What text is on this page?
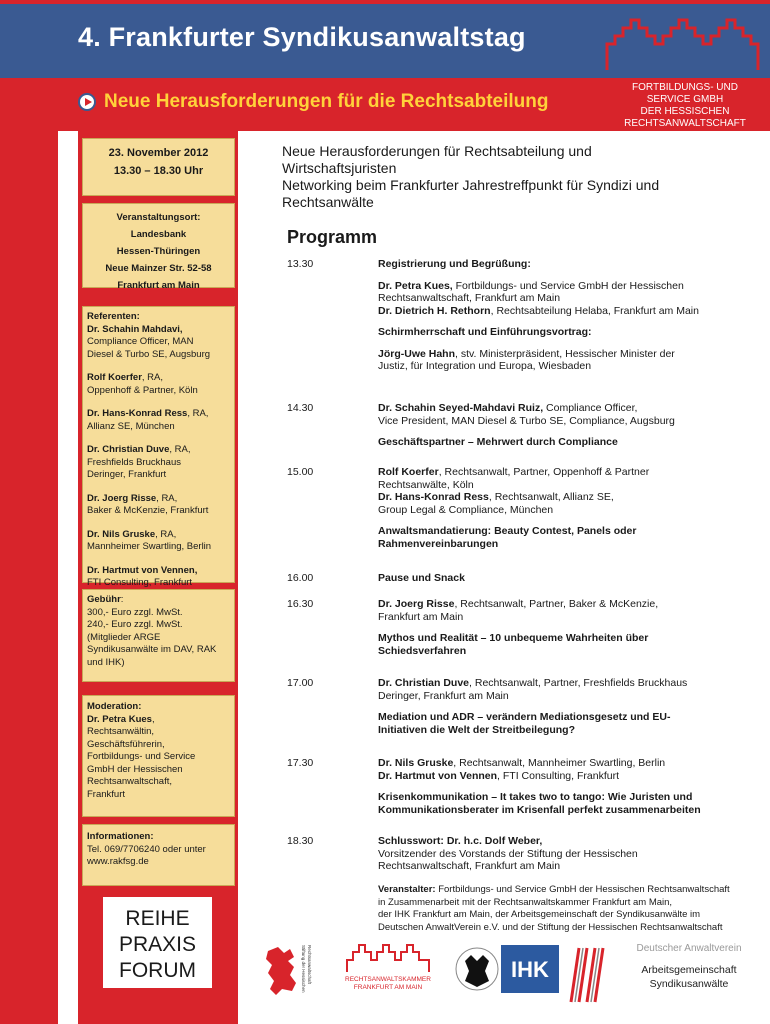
4. Frankfurter Syndikusanwaltstag
Neue Herausforderungen für die Rechtsabteilung
FORTBILDUNGS- UND
SERVICE GMBH
DER HESSISCHEN
RECHTSANWALTSCHAFT
23. November 2012
13.30 – 18.30 Uhr
Veranstaltungsort:
Landesbank
Hessen-Thüringen
Neue Mainzer Str. 52-58
Frankfurt am Main
Referenten:
Dr. Schahin Mahdavi,
Compliance Officer, MAN
Diesel & Turbo SE, Augsburg
Rolf Koerfer, RA,
Oppenhoff & Partner, Köln
Dr. Hans-Konrad Ress, RA,
Allianz SE, München
Dr. Christian Duve, RA,
Freshfields Bruckhaus
Deringer, Frankfurt
Dr. Joerg Risse, RA,
Baker & McKenzie, Frankfurt
Dr. Nils Gruske, RA,
Mannheimer Swartling, Berlin
Dr. Hartmut von Vennen,
FTI Consulting, Frankfurt
Gebühr:
300,- Euro zzgl. MwSt.
240,- Euro zzgl. MwSt.
(Mitglieder ARGE
Syndikusanwälte im DAV, RAK
und IHK)
Moderation:
Dr. Petra Kues,
Rechtsanwältin,
Geschäftsführerin,
Fortbildungs- und Service
GmbH der Hessischen
Rechtsanwaltschaft,
Frankfurt
Informationen:
Tel. 069/7706240 oder unter
www.rakfsg.de
REIHE
PRAXIS
FORUM
Neue Herausforderungen für Rechtsabteilung und
Wirtschaftsjuristen
Networking beim Frankfurter Jahrestreffpunkt für Syndizi und
Rechtsanwälte
Programm
13.30	Registrierung und Begrüßung:
Dr. Petra Kues, Fortbildungs- und Service GmbH der Hessischen
Rechtsanwaltschaft, Frankfurt am Main
Dr. Dietrich H. Rethorn, Rechtsabteilung Helaba, Frankfurt am Main
Schirmherrschaft und Einführungsvortrag:
Jörg-Uwe Hahn, stv. Ministerpräsident, Hessischer Minister der
Justiz, für Integration und Europa, Wiesbaden
14.30	Dr. Schahin Seyed-Mahdavi Ruiz, Compliance Officer,
Vice President, MAN Diesel & Turbo SE, Compliance, Augsburg
Geschäftspartner – Mehrwert durch Compliance
15.00	Rolf Koerfer, Rechtsanwalt, Partner, Oppenhoff & Partner
Rechtsanwälte, Köln
Dr. Hans-Konrad Ress, Rechtsanwalt, Allianz SE,
Group Legal & Compliance, München
Anwaltsmandatierung: Beauty Contest, Panels oder
Rahmenvereinbarungen
16.00	Pause und Snack
16.30	Dr. Joerg Risse, Rechtsanwalt, Partner, Baker & McKenzie,
Frankfurt am Main
Mythos und Realität – 10 unbequeme Wahrheiten über
Schiedsverfahren
17.00	Dr. Christian Duve, Rechtsanwalt, Partner, Freshfields Bruckhaus
Deringer, Frankfurt am Main
Mediation und ADR – verändern Mediationsgesetz und EU-
Initiativen die Welt der Streitbeilegung?
17.30	Dr. Nils Gruske, Rechtsanwalt, Mannheimer Swartling, Berlin
Dr. Hartmut von Vennen, FTI Consulting, Frankfurt
Krisenkommunikation – It takes two to tango: Wie Juristen und
Kommunikationsberater im Krisenfall perfekt zusammenarbeiten
18.30	Schlusswort: Dr. h.c. Dolf Weber,
Vorsitzender des Vorstands der Stiftung der Hessischen
Rechtsanwaltschaft, Frankfurt am Main
Veranstalter: Fortbildungs- und Service GmbH der Hessischen Rechtsanwaltschaft
in Zusammenarbeit mit der Rechtsanwaltskammer Frankfurt am Main,
der IHK Frankfurt am Main, der Arbeitsgemeinschaft der Syndikusanwälte im
Deutschen AnwaltVerein e.V. und der Stiftung der Hessischen Rechtsanwaltschaft
Stiftung der Hessischen Rechtsanwaltschaft	RECHTSANWALTSKAMMER
FRANKFURT AM MAIN
IHK
Deutscher Anwaltverein
Arbeitsgemeinschaft
Syndikusanwälte
